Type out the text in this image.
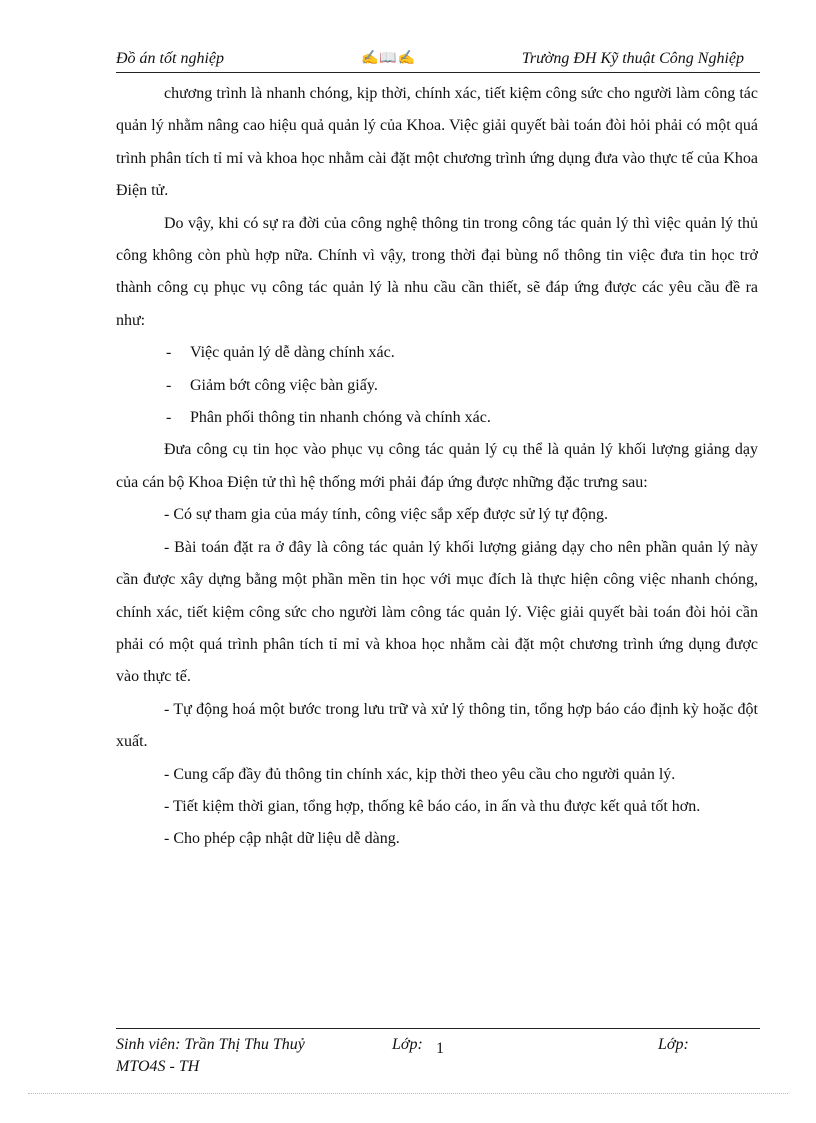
Đồ án tốt nghiệp	✍📖✍	Trường ĐH Kỹ thuật Công Nghiệp

chương trình là nhanh chóng, kịp thời, chính xác, tiết kiệm công sức cho người làm công tác quản lý nhằm nâng cao hiệu quả quản lý của Khoa. Việc giải quyết bài toán đòi hỏi phải có một quá trình phân tích tỉ mỉ và khoa học nhằm cài đặt một chương trình ứng dụng đưa vào thực tế của Khoa Điện tử.

Do vậy, khi có sự ra đời của công nghệ thông tin trong công tác quản lý thì việc quản lý thủ công không còn phù hợp nữa. Chính vì vậy, trong thời đại bùng nổ thông tin việc đưa tin học trở thành công cụ phục vụ công tác quản lý là nhu cầu cần thiết, sẽ đáp ứng được các yêu cầu đề ra như:

- Việc quản lý dễ dàng chính xác.

- Giảm bớt công việc bàn giấy.

- Phân phối thông tin nhanh chóng và chính xác.

Đưa công cụ tin học vào phục vụ công tác quản lý cụ thể là quản lý khối lượng giảng dạy của cán bộ Khoa Điện tử thì hệ thống mới phải đáp ứng được những đặc trưng sau:

- Có sự tham gia của máy tính, công việc sắp xếp được sử lý tự động.

- Bài toán đặt ra ở đây là công tác quản lý khối lượng giảng dạy cho nên phần quản lý này cần được xây dựng bằng một phần mền tin học với mục đích là thực hiện công việc nhanh chóng, chính xác, tiết kiệm công sức cho người làm công tác quản lý. Việc giải quyết bài toán đòi hỏi cần phải có một quá trình phân tích tỉ mỉ và khoa học nhằm cài đặt một chương trình ứng dụng được vào thực tế.

- Tự động hoá một bước trong lưu trữ và xử lý thông tin, tổng hợp báo cáo định kỳ hoặc đột xuất.

- Cung cấp đầy đủ thông tin chính xác, kịp thời theo yêu cầu cho người quản lý.

- Tiết kiệm thời gian, tổng hợp, thống kê báo cáo, in ấn và thu được kết quả tốt hơn.

- Cho phép cập nhật dữ liệu dễ dàng.

Sinh viên: Trần Thị Thu Thuỷ	Lớp: 1	Lớp:
MTO4S - TH
